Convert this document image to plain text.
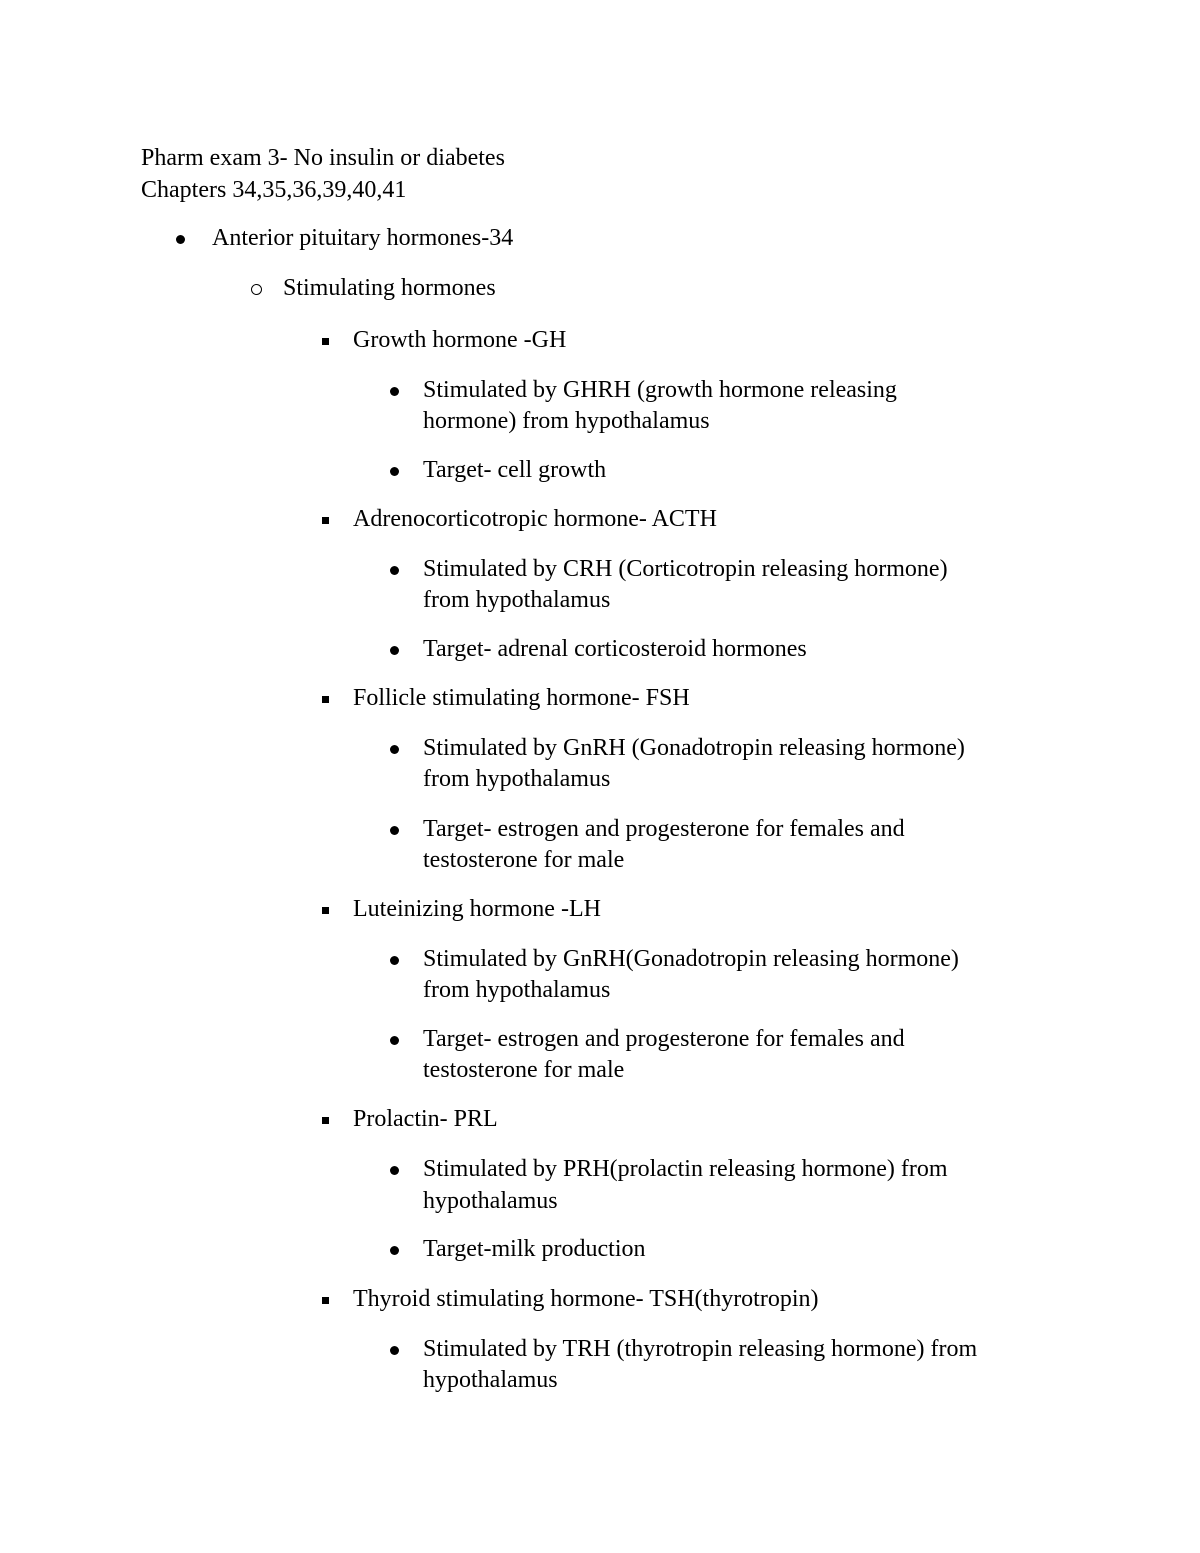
Pharm exam 3- No insulin or diabetes
Chapters 34,35,36,39,40,41
Anterior pituitary hormones-34
Stimulating hormones
Growth hormone -GH
Stimulated by GHRH (growth hormone releasing
hormone) from hypothalamus
Target- cell growth
Adrenocorticotropic hormone- ACTH
Stimulated by CRH (Corticotropin releasing hormone)
from hypothalamus
Target- adrenal corticosteroid hormones
Follicle stimulating hormone- FSH
Stimulated by GnRH (Gonadotropin releasing hormone)
from hypothalamus
Target- estrogen and progesterone for females and
testosterone for male
Luteinizing hormone -LH
Stimulated by GnRH(Gonadotropin releasing hormone)
from hypothalamus
Target- estrogen and progesterone for females and
testosterone for male
Prolactin- PRL
Stimulated by PRH(prolactin releasing hormone) from
hypothalamus
Target-milk production
Thyroid stimulating hormone- TSH(thyrotropin)
Stimulated by TRH (thyrotropin releasing hormone) from
hypothalamus
